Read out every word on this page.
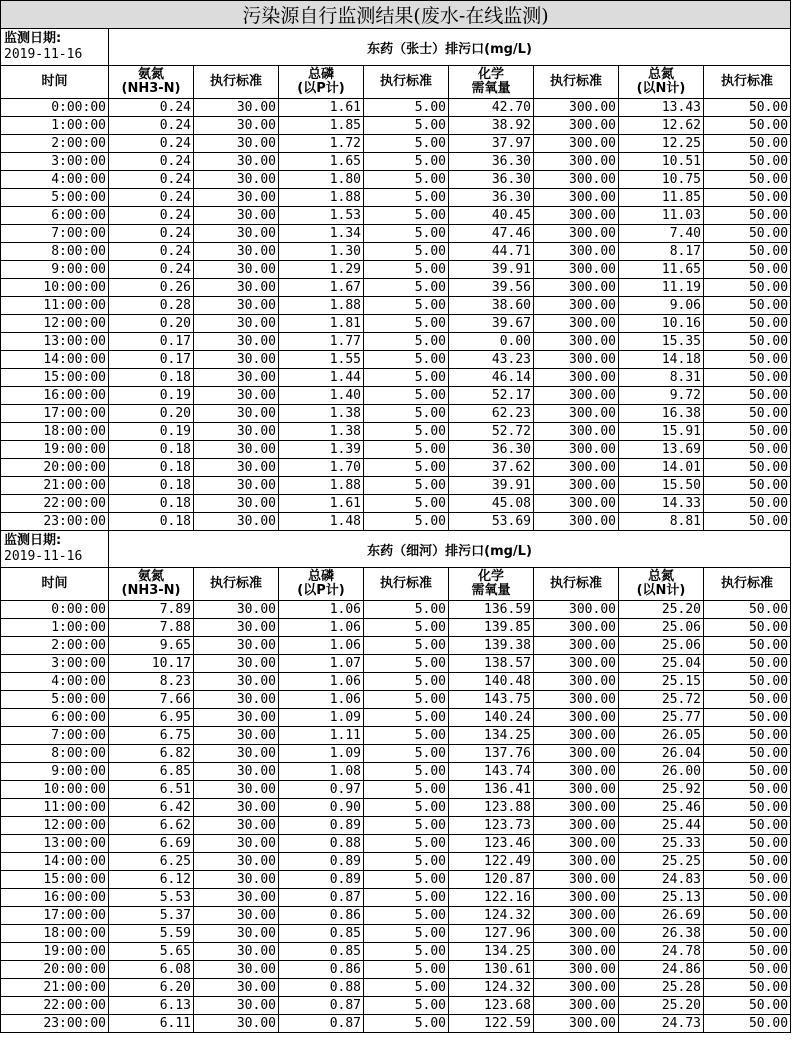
污染源自行监测结果(废水-在线监测)								

监测日期:
2019-11-16	东药（张士）排污口(mg/L)							
时间	氨氮
(NH3-N)	执行标准	总磷
(以P计)	执行标准	化学
需氧量	执行标准	总氮
(以N计)	执行标准
0:00:00	0.24	30.00	1.61	5.00	42.70	300.00	13.43	50.00
1:00:00	0.24	30.00	1.85	5.00	38.92	300.00	12.62	50.00
2:00:00	0.24	30.00	1.72	5.00	37.97	300.00	12.25	50.00
3:00:00	0.24	30.00	1.65	5.00	36.30	300.00	10.51	50.00
4:00:00	0.24	30.00	1.80	5.00	36.30	300.00	10.75	50.00
5:00:00	0.24	30.00	1.88	5.00	36.30	300.00	11.85	50.00
6:00:00	0.24	30.00	1.53	5.00	40.45	300.00	11.03	50.00
7:00:00	0.24	30.00	1.34	5.00	47.46	300.00	7.40	50.00
8:00:00	0.24	30.00	1.30	5.00	44.71	300.00	8.17	50.00
9:00:00	0.24	30.00	1.29	5.00	39.91	300.00	11.65	50.00
10:00:00	0.26	30.00	1.67	5.00	39.56	300.00	11.19	50.00
11:00:00	0.28	30.00	1.88	5.00	38.60	300.00	9.06	50.00
12:00:00	0.20	30.00	1.81	5.00	39.67	300.00	10.16	50.00
13:00:00	0.17	30.00	1.77	5.00	0.00	300.00	15.35	50.00
14:00:00	0.17	30.00	1.55	5.00	43.23	300.00	14.18	50.00
15:00:00	0.18	30.00	1.44	5.00	46.14	300.00	8.31	50.00
16:00:00	0.19	30.00	1.40	5.00	52.17	300.00	9.72	50.00
17:00:00	0.20	30.00	1.38	5.00	62.23	300.00	16.38	50.00
18:00:00	0.19	30.00	1.38	5.00	52.72	300.00	15.91	50.00
19:00:00	0.18	30.00	1.39	5.00	36.30	300.00	13.69	50.00
20:00:00	0.18	30.00	1.70	5.00	37.62	300.00	14.01	50.00
21:00:00	0.18	30.00	1.88	5.00	39.91	300.00	15.50	50.00
22:00:00	0.18	30.00	1.61	5.00	45.08	300.00	14.33	50.00
23:00:00	0.18	30.00	1.48	5.00	53.69	300.00	8.81	50.00

监测日期:
2019-11-16	东药（细河）排污口(mg/L)							
时间	氨氮
(NH3-N)	执行标准	总磷
(以P计)	执行标准	化学
需氧量	执行标准	总氮
(以N计)	执行标准
0:00:00	7.89	30.00	1.06	5.00	136.59	300.00	25.20	50.00
1:00:00	7.88	30.00	1.06	5.00	139.85	300.00	25.06	50.00
2:00:00	9.65	30.00	1.06	5.00	139.38	300.00	25.06	50.00
3:00:00	10.17	30.00	1.07	5.00	138.57	300.00	25.04	50.00
4:00:00	8.23	30.00	1.06	5.00	140.48	300.00	25.15	50.00
5:00:00	7.66	30.00	1.06	5.00	143.75	300.00	25.72	50.00
6:00:00	6.95	30.00	1.09	5.00	140.24	300.00	25.77	50.00
7:00:00	6.75	30.00	1.11	5.00	134.25	300.00	26.05	50.00
8:00:00	6.82	30.00	1.09	5.00	137.76	300.00	26.04	50.00
9:00:00	6.85	30.00	1.08	5.00	143.74	300.00	26.00	50.00
10:00:00	6.51	30.00	0.97	5.00	136.41	300.00	25.92	50.00
11:00:00	6.42	30.00	0.90	5.00	123.88	300.00	25.46	50.00
12:00:00	6.62	30.00	0.89	5.00	123.73	300.00	25.44	50.00
13:00:00	6.69	30.00	0.88	5.00	123.46	300.00	25.33	50.00
14:00:00	6.25	30.00	0.89	5.00	122.49	300.00	25.25	50.00
15:00:00	6.12	30.00	0.89	5.00	120.87	300.00	24.83	50.00
16:00:00	5.53	30.00	0.87	5.00	122.16	300.00	25.13	50.00
17:00:00	5.37	30.00	0.86	5.00	124.32	300.00	26.69	50.00
18:00:00	5.59	30.00	0.85	5.00	127.96	300.00	26.38	50.00
19:00:00	5.65	30.00	0.85	5.00	134.25	300.00	24.78	50.00
20:00:00	6.08	30.00	0.86	5.00	130.61	300.00	24.86	50.00
21:00:00	6.20	30.00	0.88	5.00	124.32	300.00	25.28	50.00
22:00:00	6.13	30.00	0.87	5.00	123.68	300.00	25.20	50.00
23:00:00	6.11	30.00	0.87	5.00	122.59	300.00	24.73	50.00
